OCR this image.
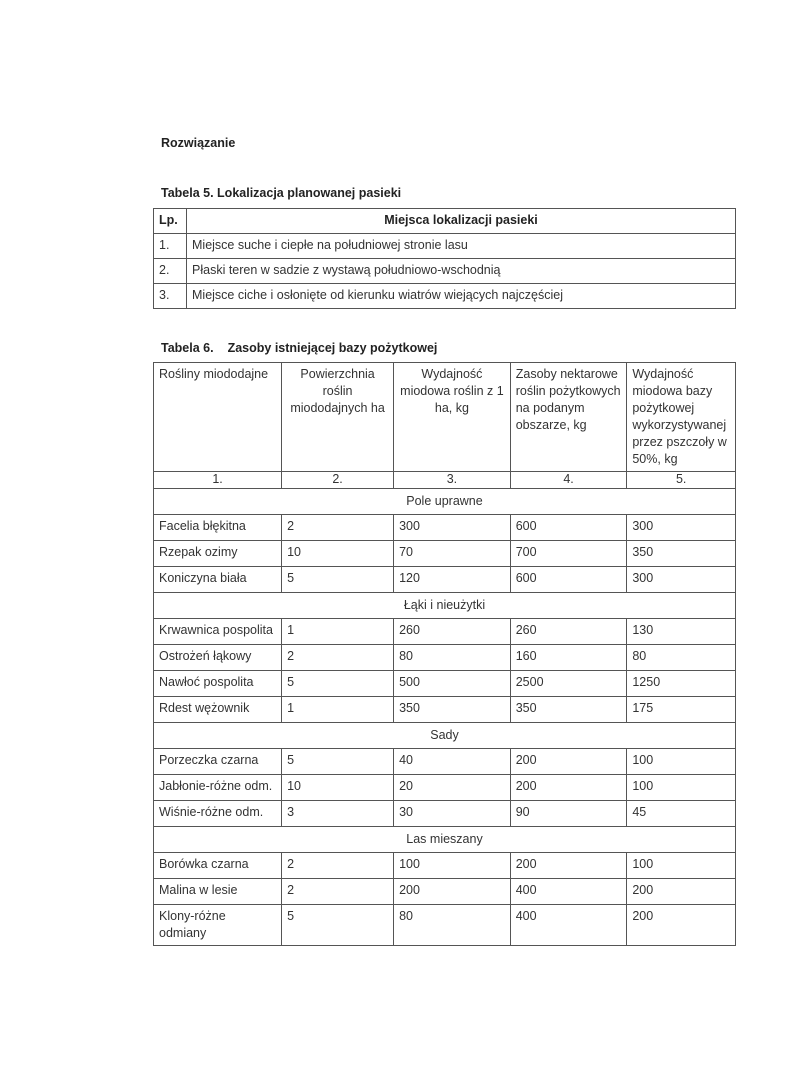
Rozwiązanie
Tabela 5. Lokalizacja planowanej pasieki
Lp.	Miejsca lokalizacji pasieki

1.	Miejsce suche i ciepłe na południowej stronie lasu
2.	Płaski teren w sadzie z wystawą południowo-wschodnią
3.	Miejsce ciche i osłonięte od kierunku wiatrów wiejących najczęściej
Tabela 6. Zasoby istniejącej bazy pożytkowej
Rośliny miododajne	Powierzchnia roślin miododajnych ha	Wydajność miodowa roślin z 1 ha, kg	Zasoby nektarowe roślin pożytkowych na podanym obszarze, kg	Wydajność miodowa bazy pożytkowej wykorzystywanej przez pszczoły w 50%, kg
1.	2.	3.	4.	5.
Pole uprawne				
Facelia błękitna	2	300	600	300
Rzepak ozimy	10	70	700	350
Koniczyna biała	5	120	600	300
Łąki i nieużytki				
Krwawnica pospolita	1	260	260	130
Ostrożeń łąkowy	2	80	160	80
Nawłoć pospolita	5	500	2500	1250
Rdest wężownik	1	350	350	175
Sady				
Porzeczka czarna	5	40	200	100
Jabłonie-różne odm.	10	20	200	100
Wiśnie-różne odm.	3	30	90	45
Las mieszany				
Borówka czarna	2	100	200	100
Malina w lesie	2	200	400	200
Klony-różne odmiany	5	80	400	200
